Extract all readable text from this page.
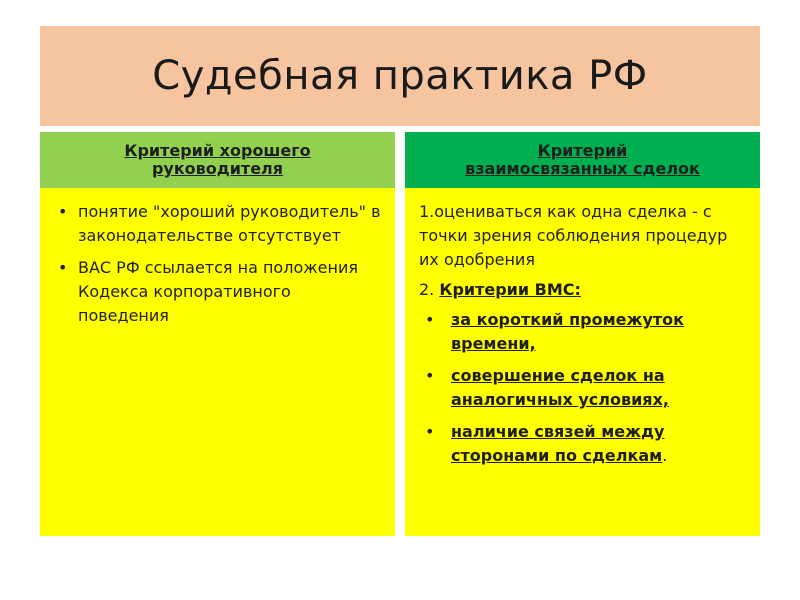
Судебная практика РФ
Критерий хорошего
руководителя
• понятие "хороший руководитель" в законодательстве отсутствует
• ВАС РФ ссылается на положения Кодекса корпоративного поведения
Критерий
взаимосвязанных сделок

1.оцениваться как одна сделка - с точки зрения соблюдения процедур их одобрения

2. Критерии ВМС:

• за короткий промежуток времени,
• совершение сделок на аналогичных условиях,
• наличие связей между сторонами по сделкам.
